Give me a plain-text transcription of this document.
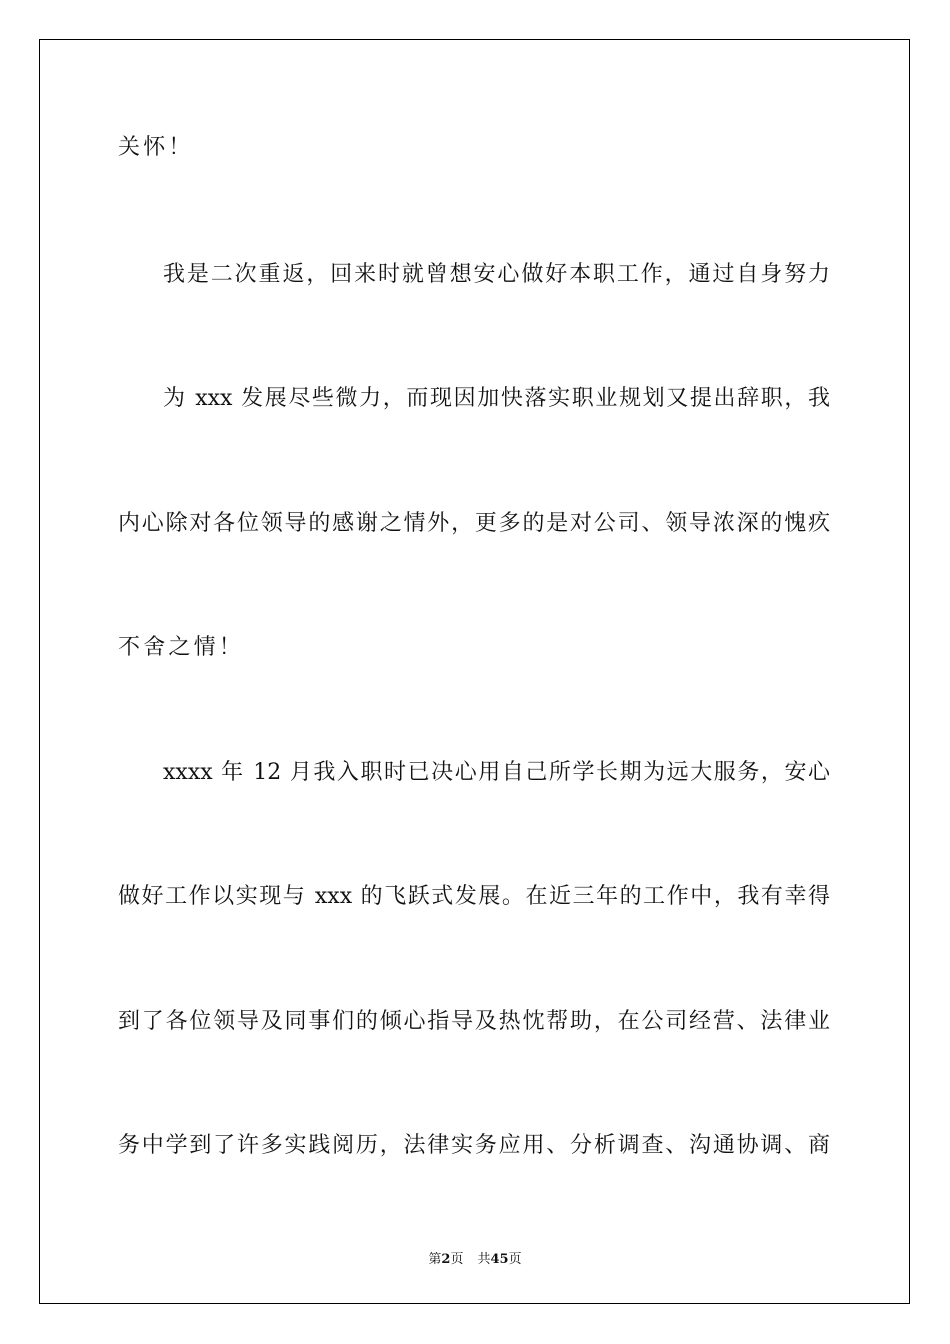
关怀！
我是二次重返，回来时就曾想安心做好本职工作，通过自身努力
为 xxx 发展尽些微力，而现因加快落实职业规划又提出辞职，我
内心除对各位领导的感谢之情外，更多的是对公司、领导浓深的愧疚
不舍之情！
xxxx 年 12 月我入职时已决心用自己所学长期为远大服务，安心
做好工作以实现与 xxx 的飞跃式发展。在近三年的工作中，我有幸得
到了各位领导及同事们的倾心指导及热忱帮助，在公司经营、法律业
务中学到了许多实践阅历，法律实务应用、分析调查、沟通协调、商
第2页 共45页
